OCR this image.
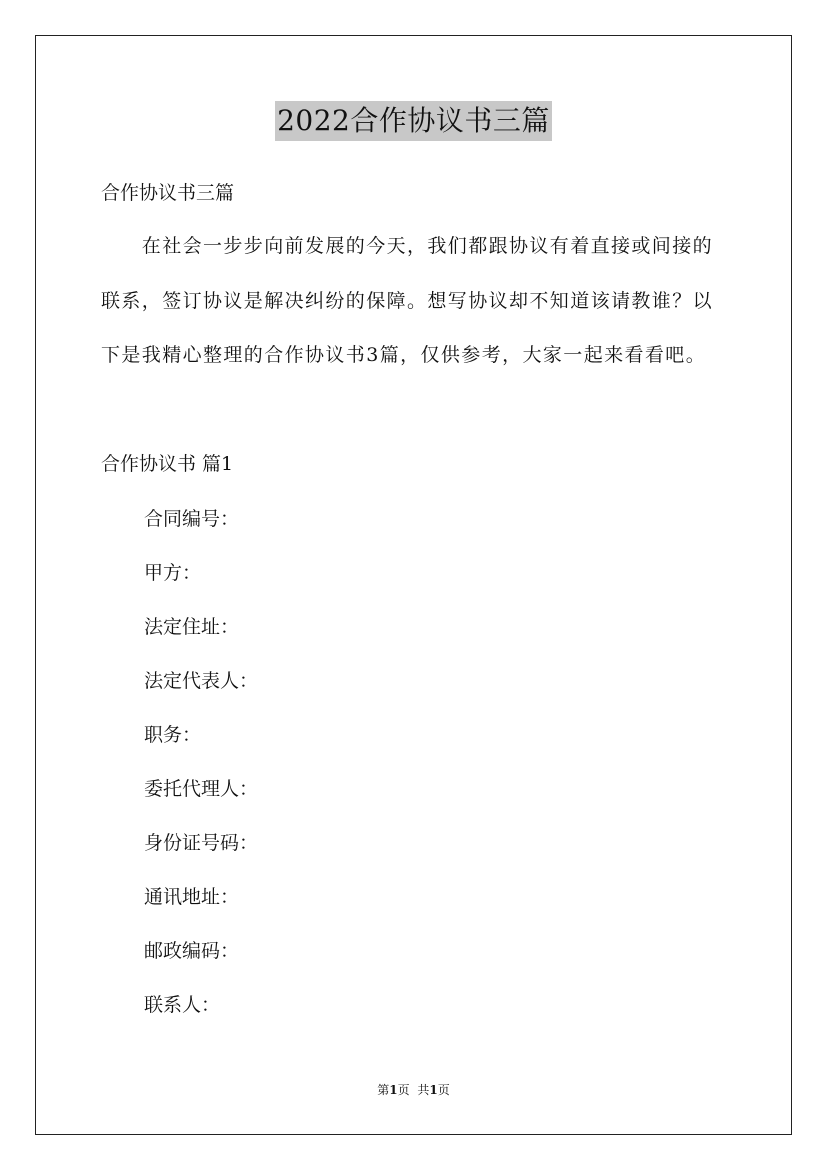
2022合作协议书三篇
合作协议书三篇
　　在社会一步步向前发展的今天，我们都跟协议有着直接或间接的
联系，签订协议是解决纠纷的保障。想写协议却不知道该请教谁？以
下是我精心整理的合作协议书3篇，仅供参考，大家一起来看看吧。
合作协议书 篇1
合同编号：
甲方：
法定住址：
法定代表人：
职务：
委托代理人：
身份证号码：
通讯地址：
邮政编码：
联系人：
第1页 共1页
